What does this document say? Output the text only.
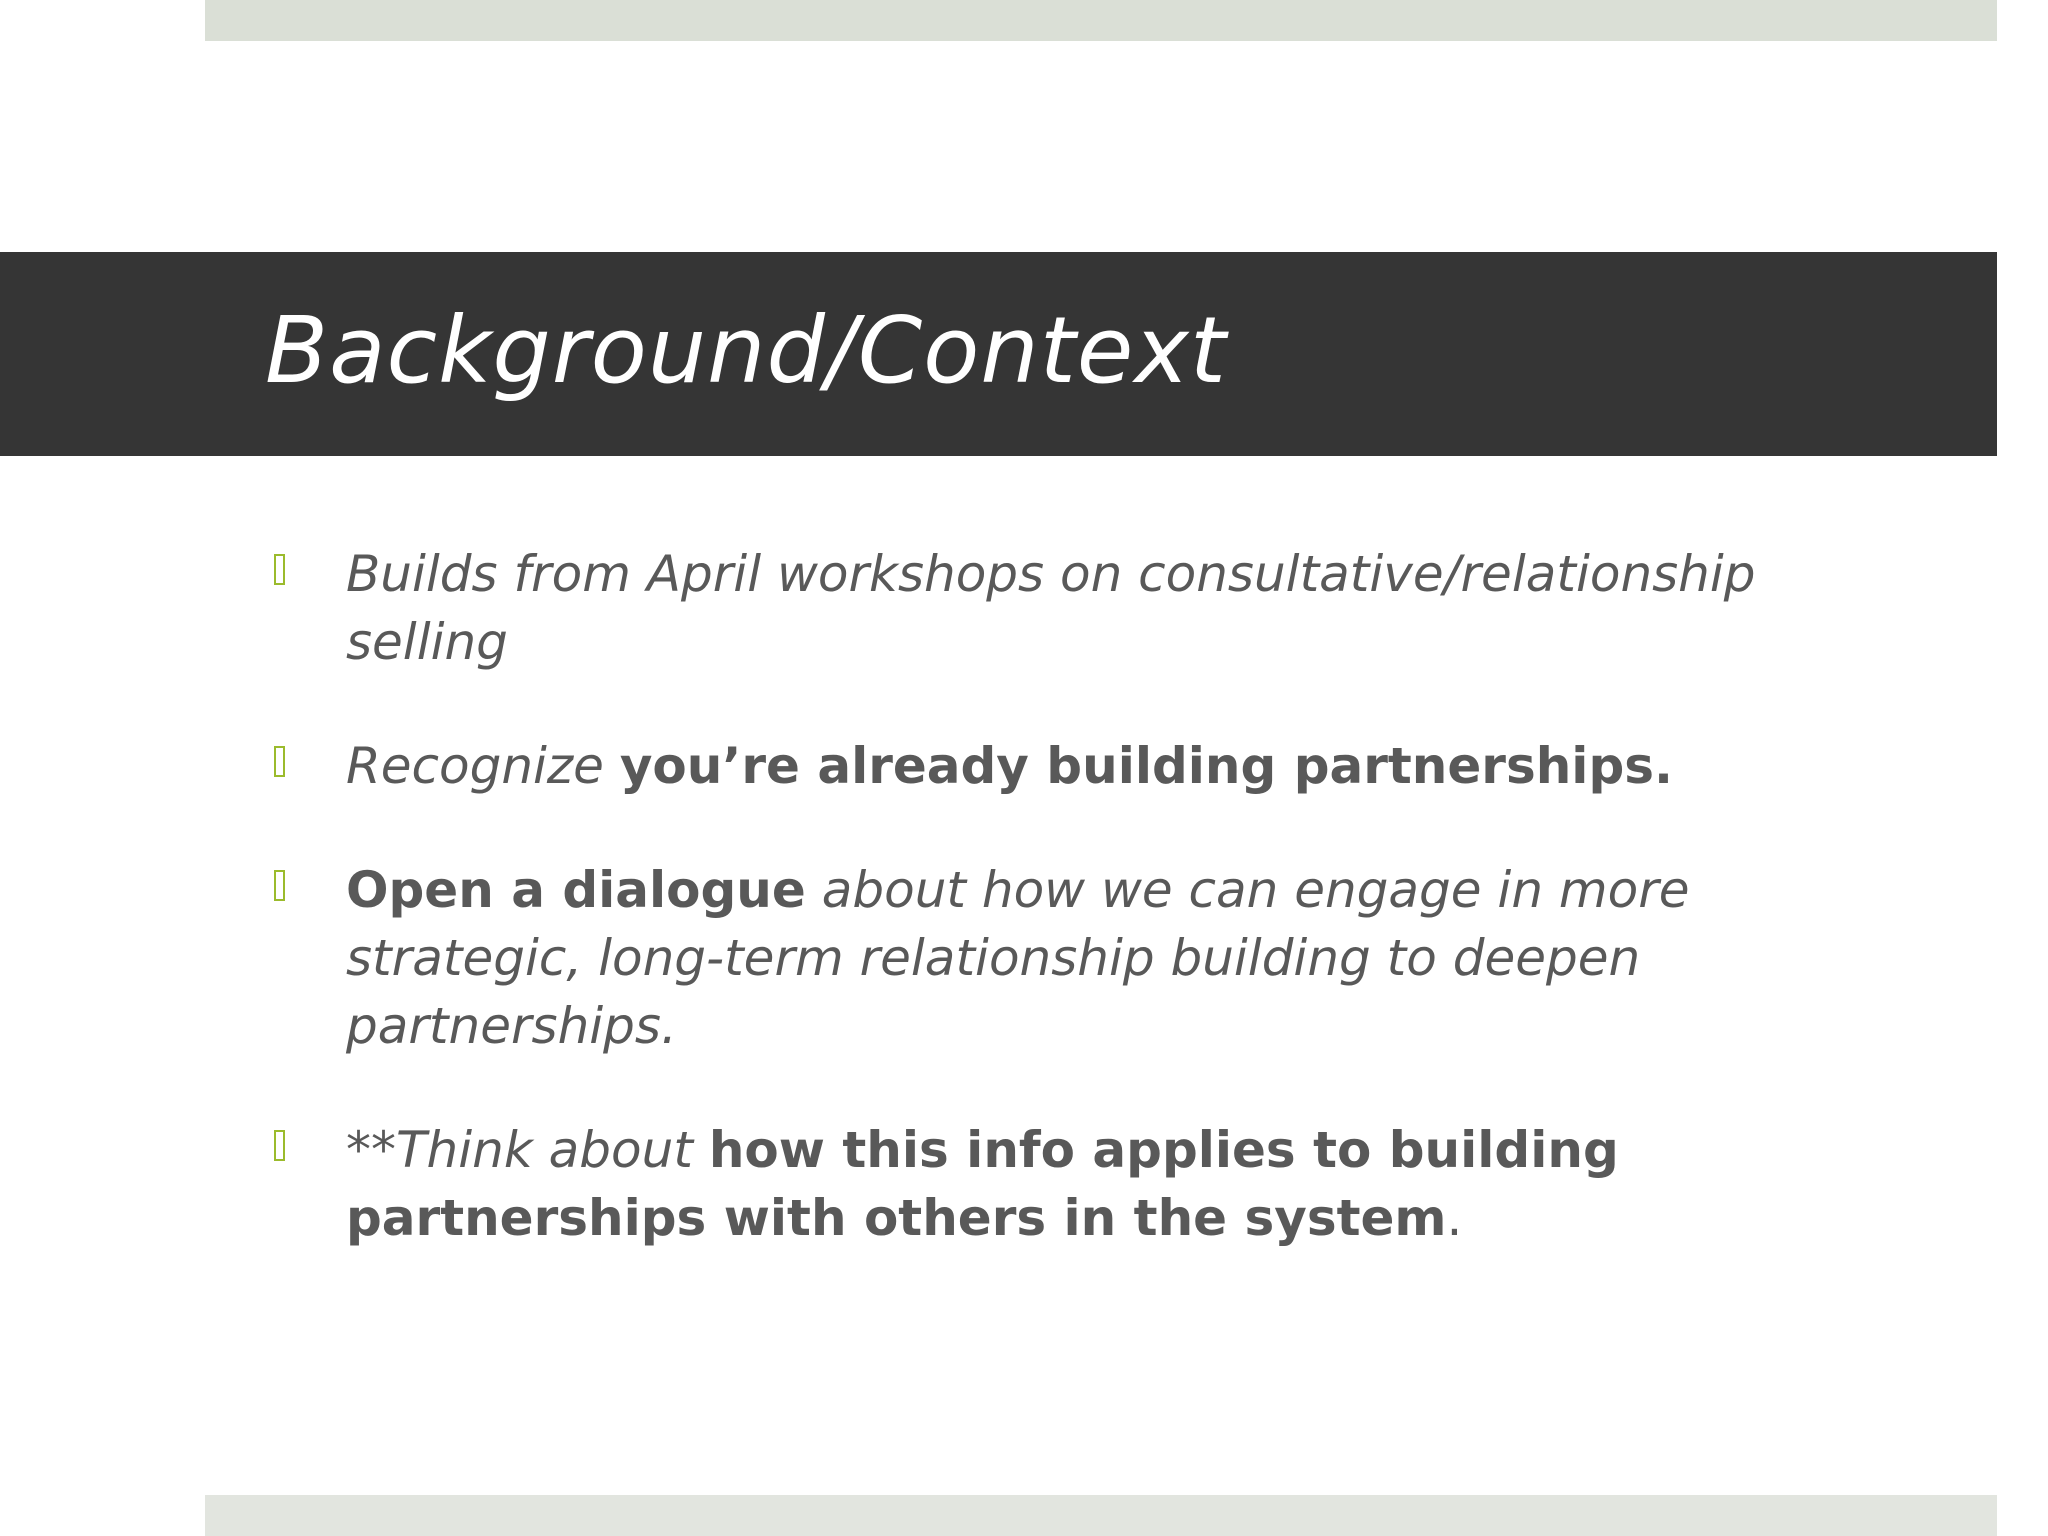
Background/Context
Builds from April workshops on consultative/relationship selling
Recognize you’re already building partnerships.
Open a dialogue about how we can engage in more strategic, long-term relationship building to deepen partnerships.
**Think about how this info applies to building partnerships with others in the system.
